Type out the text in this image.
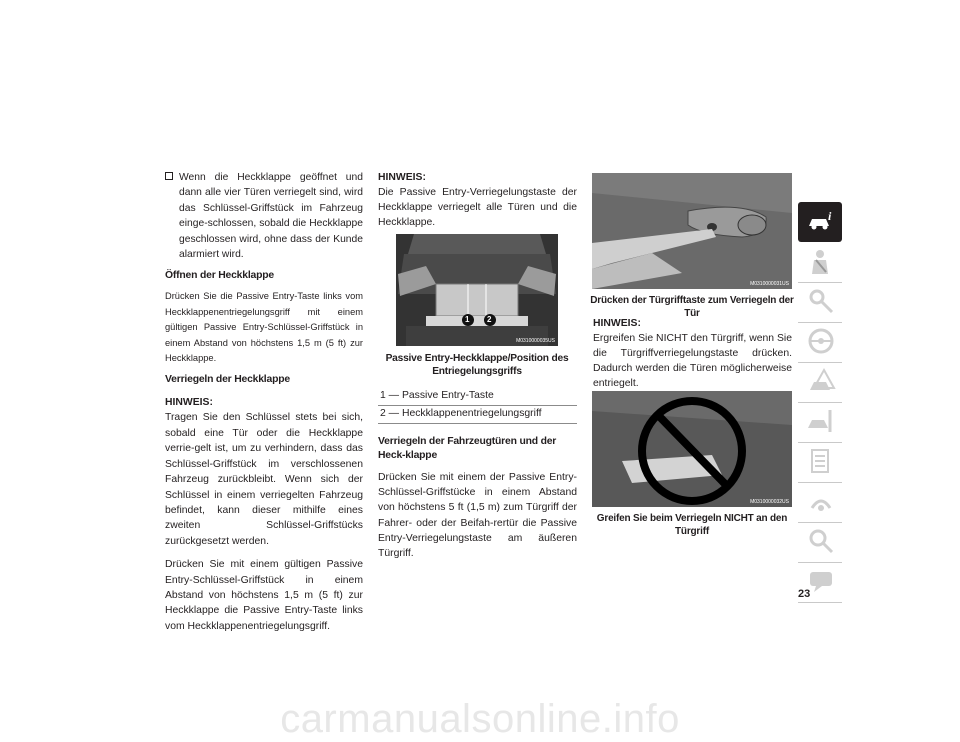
Wenn die Heckklappe geöffnet und dann alle vier Türen verriegelt sind, wird das Schlüssel-Griffstück im Fahrzeug einge-schlossen, sobald die Heckklappe geschlossen wird, ohne dass der Kunde alarmiert wird.

Öffnen der Heckklappe

Drücken Sie die Passive Entry-Taste links vom Heckklappenentriegelungsgriff mit einem gültigen Passive Entry-Schlüssel-Griffstück in einem Abstand von höchstens 1,5 m (5 ft) zur Heckklappe.

Verriegeln der Heckklappe

HINWEIS:

Tragen Sie den Schlüssel stets bei sich, sobald eine Tür oder die Heckklappe verrie-gelt ist, um zu verhindern, dass das Schlüssel-Griffstück im verschlossenen Fahrzeug zurückbleibt. Wenn sich der Schlüssel in einem verriegelten Fahrzeug befindet, kann dieser mithilfe eines zweiten Schlüssel-Griffstücks zurückgesetzt werden.

Drücken Sie mit einem gültigen Passive Entry-Schlüssel-Griffstück in einem Abstand von höchstens 1,5 m (5 ft) zur Heckklappe die Passive Entry-Taste links vom Heckklappenentriegelungsgriff.

HINWEIS:

Die Passive Entry-Verriegelungstaste der Heckklappe verriegelt alle Türen und die Heckklappe.

1 2
M0310000035US
Passive Entry-Heckklappe/Position des Entriegelungsgriffs
1 — Passive Entry-Taste
2 — Heckklappenentriegelungsgriff

Verriegeln der Fahrzeugtüren und der Heck-klappe

Drücken Sie mit einem der Passive Entry-Schlüssel-Griffstücke in einem Abstand von höchstens 5 ft (1,5 m) zum Türgriff der Fahrer- oder der Beifah-rertür die Passive Entry-Verriegelungstaste am äußeren Türgriff.

M0310000031US
Drücken der Türgrifftaste zum Verriegeln der Tür

HINWEIS:

Ergreifen Sie NICHT den Türgriff, wenn Sie die Türgriffverriegelungstaste drücken. Dadurch werden die Türen möglicherweise entriegelt.

M0310000032US
Greifen Sie beim Verriegeln NICHT an den Türgriff
i
23
carmanualsonline.info
